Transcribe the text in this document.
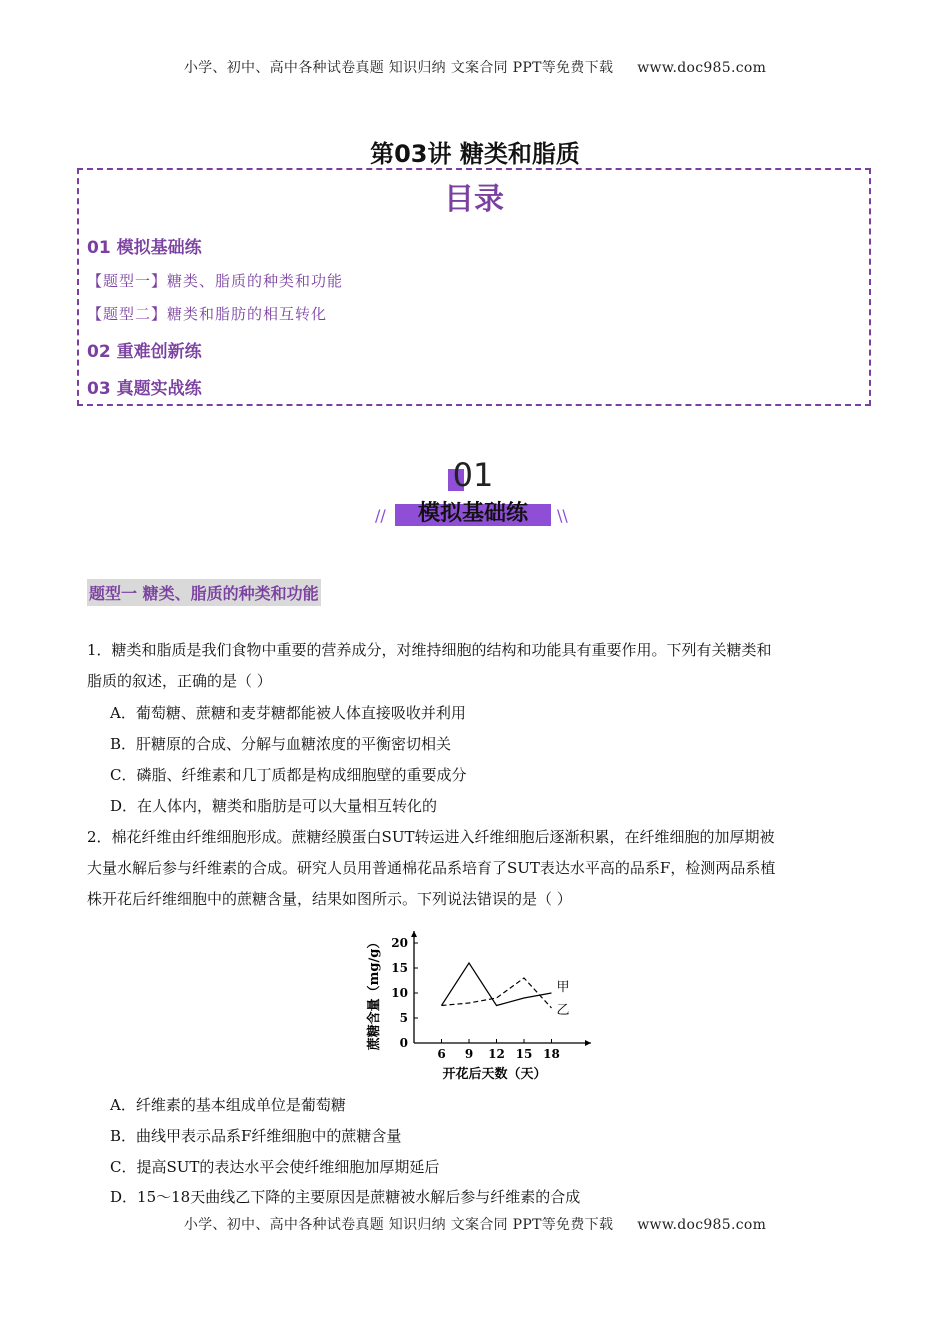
小学、初中、高中各种试卷真题 知识归纳 文案合同 PPT等免费下载 www.doc985.com
第03讲 糖类和脂质
目录
01 模拟基础练
【题型一】糖类、脂质的种类和功能
【题型二】糖类和脂肪的相互转化
02 重难创新练
03 真题实战练
01
//	\\
模拟基础练
题型一 糖类、脂质的种类和功能
1．糖类和脂质是我们食物中重要的营养成分，对维持细胞的结构和功能具有重要作用。下列有关糖类和
脂质的叙述，正确的是（ ）
A．葡萄糖、蔗糖和麦芽糖都能被人体直接吸收并利用
B．肝糖原的合成、分解与血糖浓度的平衡密切相关
C．磷脂、纤维素和几丁质都是构成细胞壁的重要成分
D．在人体内，糖类和脂肪是可以大量相互转化的
2．棉花纤维由纤维细胞形成。蔗糖经膜蛋白SUT转运进入纤维细胞后逐渐积累，在纤维细胞的加厚期被
大量水解后参与纤维素的合成。研究人员用普通棉花品系培育了SUT表达水平高的品系F，检测两品系植
株开花后纤维细胞中的蔗糖含量，结果如图所示。下列说法错误的是（ ）
6 9 12 15 18
0
5
10
15
20
开花后天数（天）
蔗糖含量（mg/g）	甲
乙
A．纤维素的基本组成单位是葡萄糖
B．曲线甲表示品系F纤维细胞中的蔗糖含量
C．提高SUT的表达水平会使纤维细胞加厚期延后
D．15～18天曲线乙下降的主要原因是蔗糖被水解后参与纤维素的合成
小学、初中、高中各种试卷真题 知识归纳 文案合同 PPT等免费下载 www.doc985.com
